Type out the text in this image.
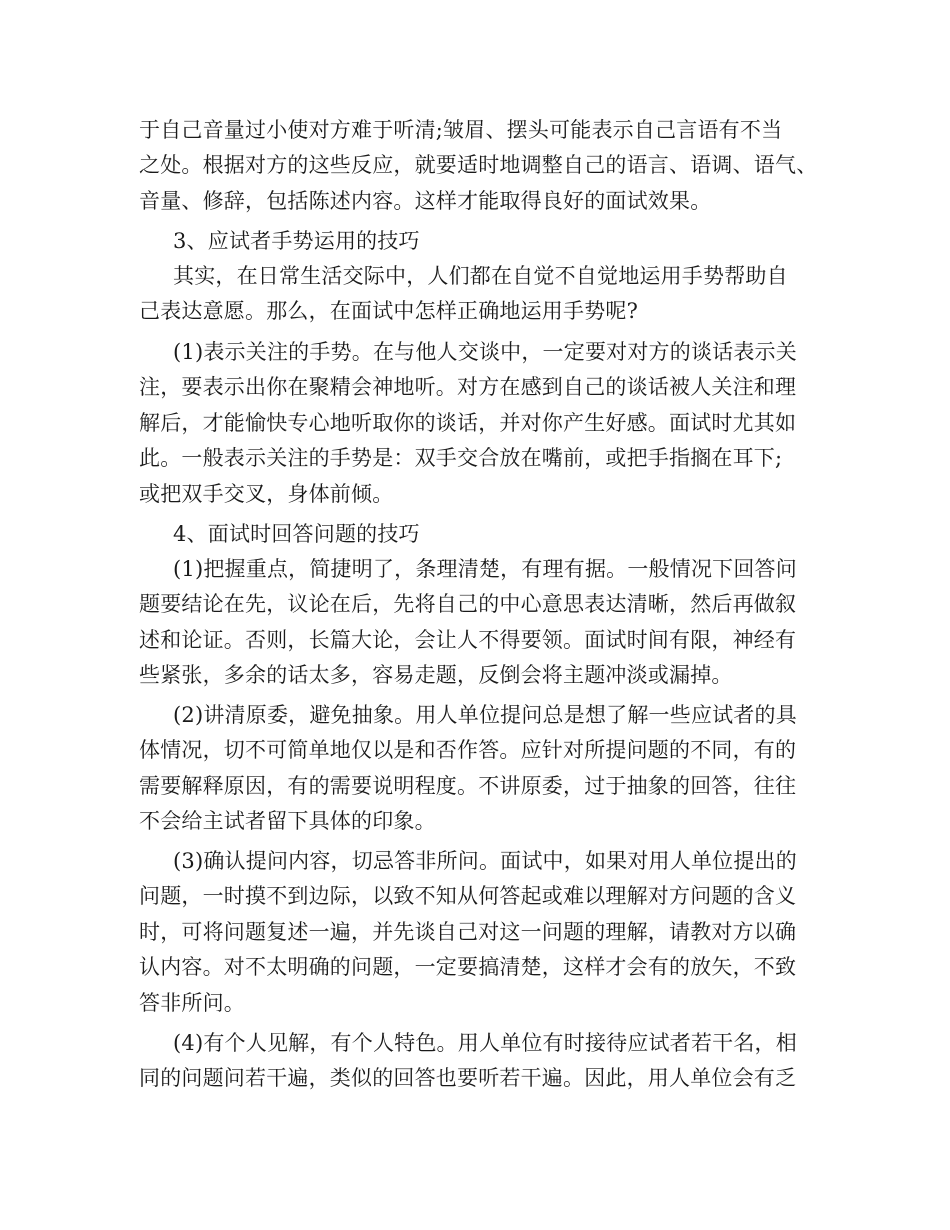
于自己音量过小使对方难于听清;皱眉、摆头可能表示自己言语有不当
之处。根据对方的这些反应，就要适时地调整自己的语言、语调、语气、
音量、修辞，包括陈述内容。这样才能取得良好的面试效果。
3、应试者手势运用的技巧
其实，在日常生活交际中，人们都在自觉不自觉地运用手势帮助自
己表达意愿。那么，在面试中怎样正确地运用手势呢?
(1)表示关注的手势。在与他人交谈中，一定要对对方的谈话表示关
注，要表示出你在聚精会神地听。对方在感到自己的谈话被人关注和理
解后，才能愉快专心地听取你的谈话，并对你产生好感。面试时尤其如
此。一般表示关注的手势是：双手交合放在嘴前，或把手指搁在耳下;
或把双手交叉，身体前倾。
4、面试时回答问题的技巧
(1)把握重点，简捷明了，条理清楚，有理有据。一般情况下回答问
题要结论在先，议论在后，先将自己的中心意思表达清晰，然后再做叙
述和论证。否则，长篇大论，会让人不得要领。面试时间有限，神经有
些紧张，多余的话太多，容易走题，反倒会将主题冲淡或漏掉。
(2)讲清原委，避免抽象。用人单位提问总是想了解一些应试者的具
体情况，切不可简单地仅以是和否作答。应针对所提问题的不同，有的
需要解释原因，有的需要说明程度。不讲原委，过于抽象的回答，往往
不会给主试者留下具体的印象。
(3)确认提问内容，切忌答非所问。面试中，如果对用人单位提出的
问题，一时摸不到边际，以致不知从何答起或难以理解对方问题的含义
时，可将问题复述一遍，并先谈自己对这一问题的理解，请教对方以确
认内容。对不太明确的问题，一定要搞清楚，这样才会有的放矢，不致
答非所问。
(4)有个人见解，有个人特色。用人单位有时接待应试者若干名，相
同的问题问若干遍，类似的回答也要听若干遍。因此，用人单位会有乏
